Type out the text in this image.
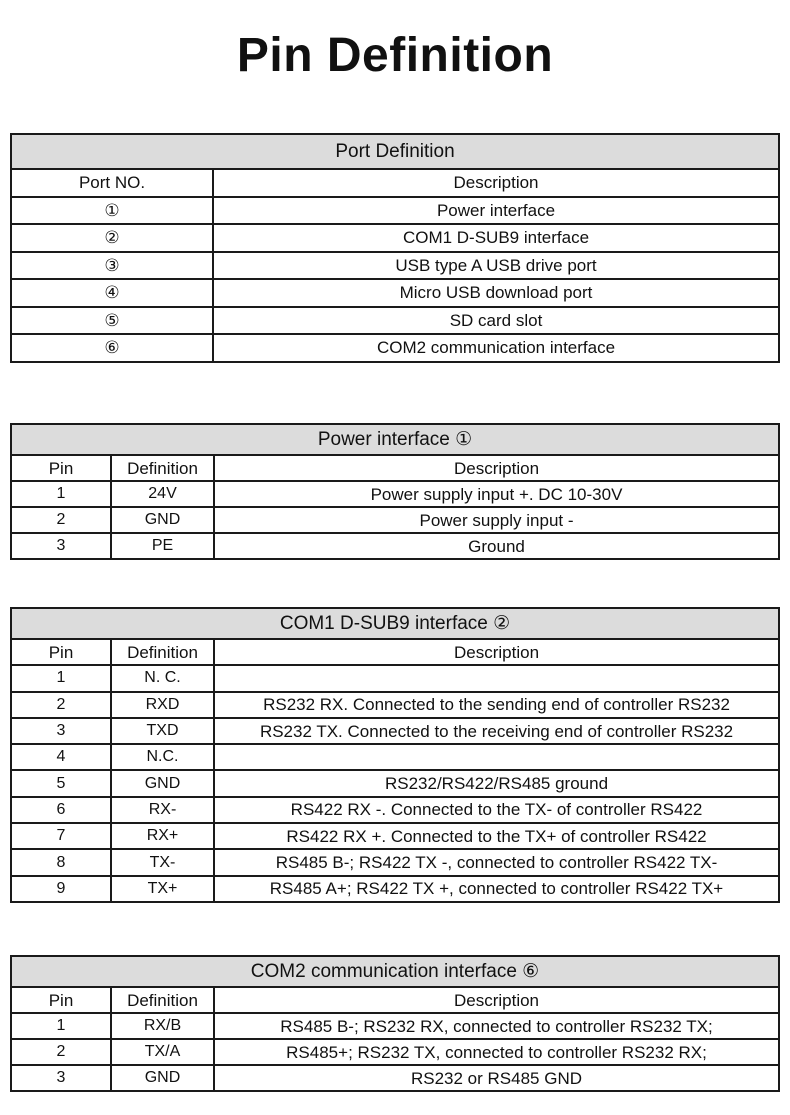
Pin Definition
Port Definition	
Port NO.	Description
①	Power interface
②	COM1 D-SUB9 interface
③	USB type A USB drive port
④	Micro USB download port
⑤	SD card slot
⑥	COM2 communication interface
Power interface ①		
Pin	Definition	Description
1	24V	Power supply input +. DC 10-30V
2	GND	Power supply input -
3	PE	Ground
COM1 D-SUB9 interface ②		
Pin	Definition	Description
1	N. C.	
2	RXD	RS232 RX. Connected to the sending end of controller RS232
3	TXD	RS232 TX. Connected to the receiving end of controller RS232
4	N.C.	
5	GND	RS232/RS422/RS485 ground
6	RX-	RS422 RX -. Connected to the TX- of controller RS422
7	RX+	RS422 RX +. Connected to the TX+ of controller RS422
8	TX-	RS485 B-; RS422 TX -, connected to controller RS422 TX-
9	TX+	RS485 A+; RS422 TX +, connected to controller RS422 TX+
COM2 communication interface ⑥		
Pin	Definition	Description
1	RX/B	RS485 B-; RS232 RX, connected to controller RS232 TX;
2	TX/A	RS485+; RS232 TX, connected to controller RS232 RX;
3	GND	RS232 or RS485 GND
